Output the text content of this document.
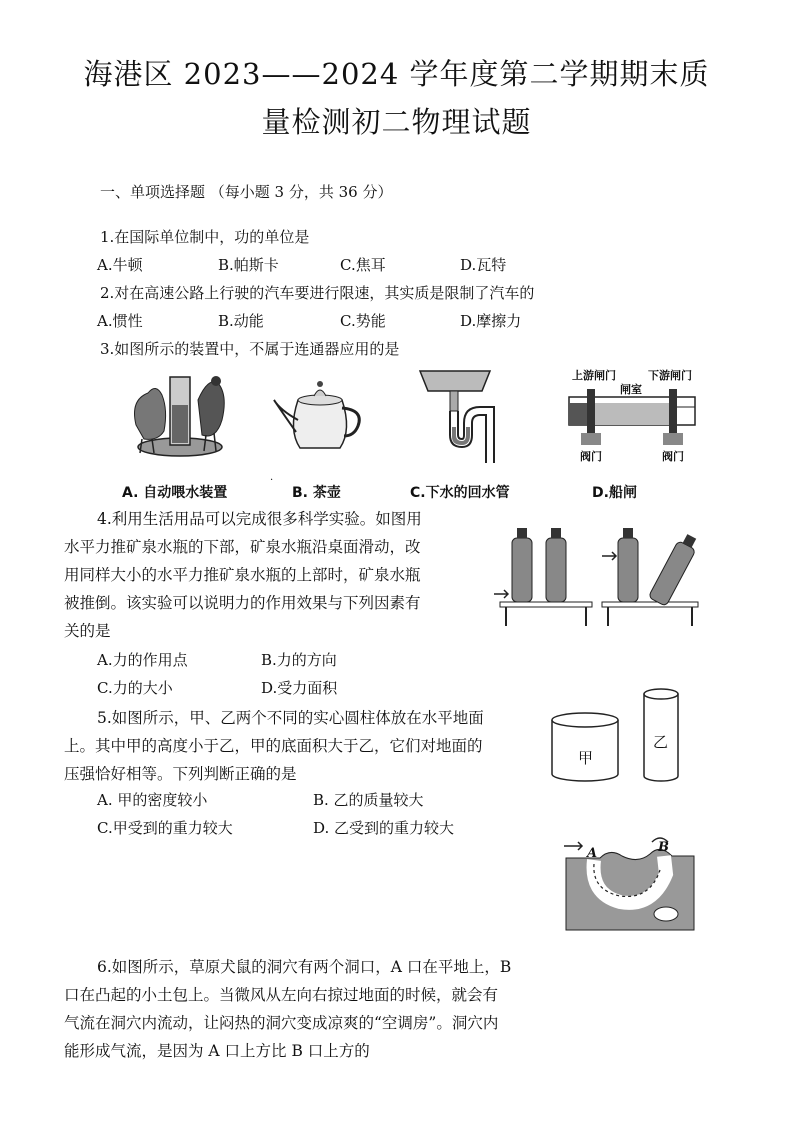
海港区 2023——2024 学年度第二学期期末质
量检测初二物理试题
一、单项选择题 （每小题 3 分，共 36 分）
1.在国际单位制中，功的单位是
A.牛顿	B.帕斯卡	C.焦耳	D.瓦特
2.对在高速公路上行驶的汽车要进行限速，其实质是限制了汽车的
A.惯性	B.动能	C.势能	D.摩擦力
3.如图所示的装置中，不属于连通器应用的是
.
上游闸门	下游闸门
闸室
阀门	阀门
A. 自动喂水装置	B. 茶壶	C.下水的回水管	D.船闸
4.利用生活用品可以完成很多科学实验。如图用
水平力推矿泉水瓶的下部，矿泉水瓶沿桌面滑动，改
用同样大小的水平力推矿泉水瓶的上部时，矿泉水瓶
被推倒。该实验可以说明力的作用效果与下列因素有
关的是
A.力的作用点	B.力的方向
C.力的大小	D.受力面积
5.如图所示，甲、乙两个不同的实心圆柱体放在水平地面
上。其中甲的高度小于乙，甲的底面积大于乙，它们对地面的
压强恰好相等。下列判断正确的是
A. 甲的密度较小	B. 乙的质量较大
C.甲受到的重力较大	D. 乙受到的重力较大
甲
乙
A	B
6.如图所示，草原犬鼠的洞穴有两个洞口，A 口在平地上，B
口在凸起的小土包上。当微风从左向右掠过地面的时候，就会有
气流在洞穴内流动，让闷热的洞穴变成凉爽的“空调房”。洞穴内
能形成气流，是因为 A 口上方比 B 口上方的
